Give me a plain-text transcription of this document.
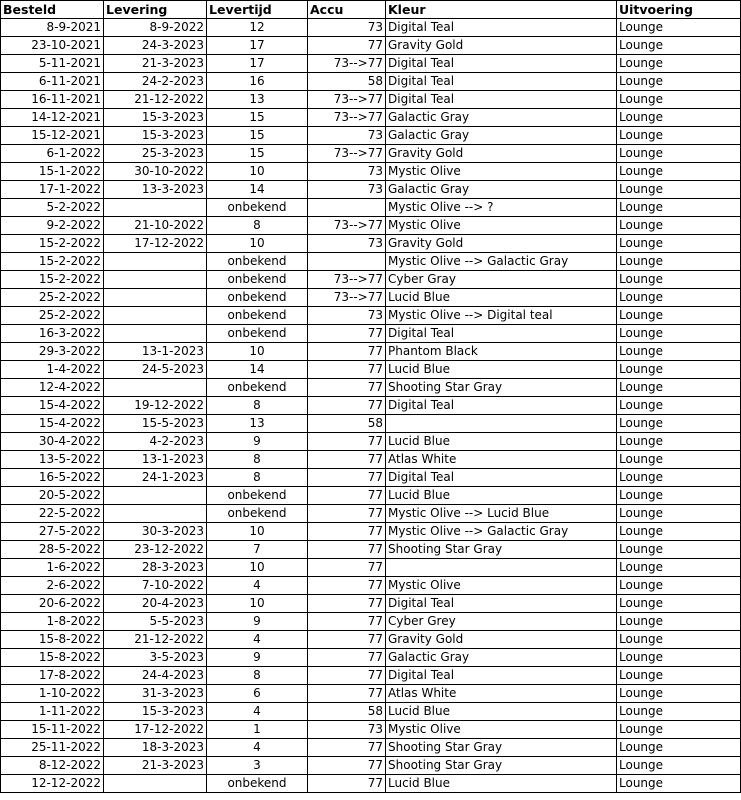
Besteld	Levering	Levertijd	Accu	Kleur	Uitvoering
8-9-2021	8-9-2022	12	73	Digital Teal	Lounge
23-10-2021	24-3-2023	17	77	Gravity Gold	Lounge
5-11-2021	21-3-2023	17	73-->77	Digital Teal	Lounge
6-11-2021	24-2-2023	16	58	Digital Teal	Lounge
16-11-2021	21-12-2022	13	73-->77	Digital Teal	Lounge
14-12-2021	15-3-2023	15	73-->77	Galactic Gray	Lounge
15-12-2021	15-3-2023	15	73	Galactic Gray	Lounge
6-1-2022	25-3-2023	15	73-->77	Gravity Gold	Lounge
15-1-2022	30-10-2022	10	73	Mystic Olive	Lounge
17-1-2022	13-3-2023	14	73	Galactic Gray	Lounge
5-2-2022		onbekend		Mystic Olive --> ?	Lounge
9-2-2022	21-10-2022	8	73-->77	Mystic Olive	Lounge
15-2-2022	17-12-2022	10	73	Gravity Gold	Lounge
15-2-2022		onbekend		Mystic Olive --> Galactic Gray	Lounge
15-2-2022		onbekend	73-->77	Cyber Gray	Lounge
25-2-2022		onbekend	73-->77	Lucid Blue	Lounge
25-2-2022		onbekend	73	Mystic Olive --> Digital teal	Lounge
16-3-2022		onbekend	77	Digital Teal	Lounge
29-3-2022	13-1-2023	10	77	Phantom Black	Lounge
1-4-2022	24-5-2023	14	77	Lucid Blue	Lounge
12-4-2022		onbekend	77	Shooting Star Gray	Lounge
15-4-2022	19-12-2022	8	77	Digital Teal	Lounge
15-4-2022	15-5-2023	13	58		Lounge
30-4-2022	4-2-2023	9	77	Lucid Blue	Lounge
13-5-2022	13-1-2023	8	77	Atlas White	Lounge
16-5-2022	24-1-2023	8	77	Digital Teal	Lounge
20-5-2022		onbekend	77	Lucid Blue	Lounge
22-5-2022		onbekend	77	Mystic Olive --> Lucid Blue	Lounge
27-5-2022	30-3-2023	10	77	Mystic Olive --> Galactic Gray	Lounge
28-5-2022	23-12-2022	7	77	Shooting Star Gray	Lounge
1-6-2022	28-3-2023	10	77		Lounge
2-6-2022	7-10-2022	4	77	Mystic Olive	Lounge
20-6-2022	20-4-2023	10	77	Digital Teal	Lounge
1-8-2022	5-5-2023	9	77	Cyber Grey	Lounge
15-8-2022	21-12-2022	4	77	Gravity Gold	Lounge
15-8-2022	3-5-2023	9	77	Galactic Gray	Lounge
17-8-2022	24-4-2023	8	77	Digital Teal	Lounge
1-10-2022	31-3-2023	6	77	Atlas White	Lounge
1-11-2022	15-3-2023	4	58	Lucid Blue	Lounge
15-11-2022	17-12-2022	1	73	Mystic Olive	Lounge
25-11-2022	18-3-2023	4	77	Shooting Star Gray	Lounge
8-12-2022	21-3-2023	3	77	Shooting Star Gray	Lounge
12-12-2022		onbekend	77	Lucid Blue	Lounge
